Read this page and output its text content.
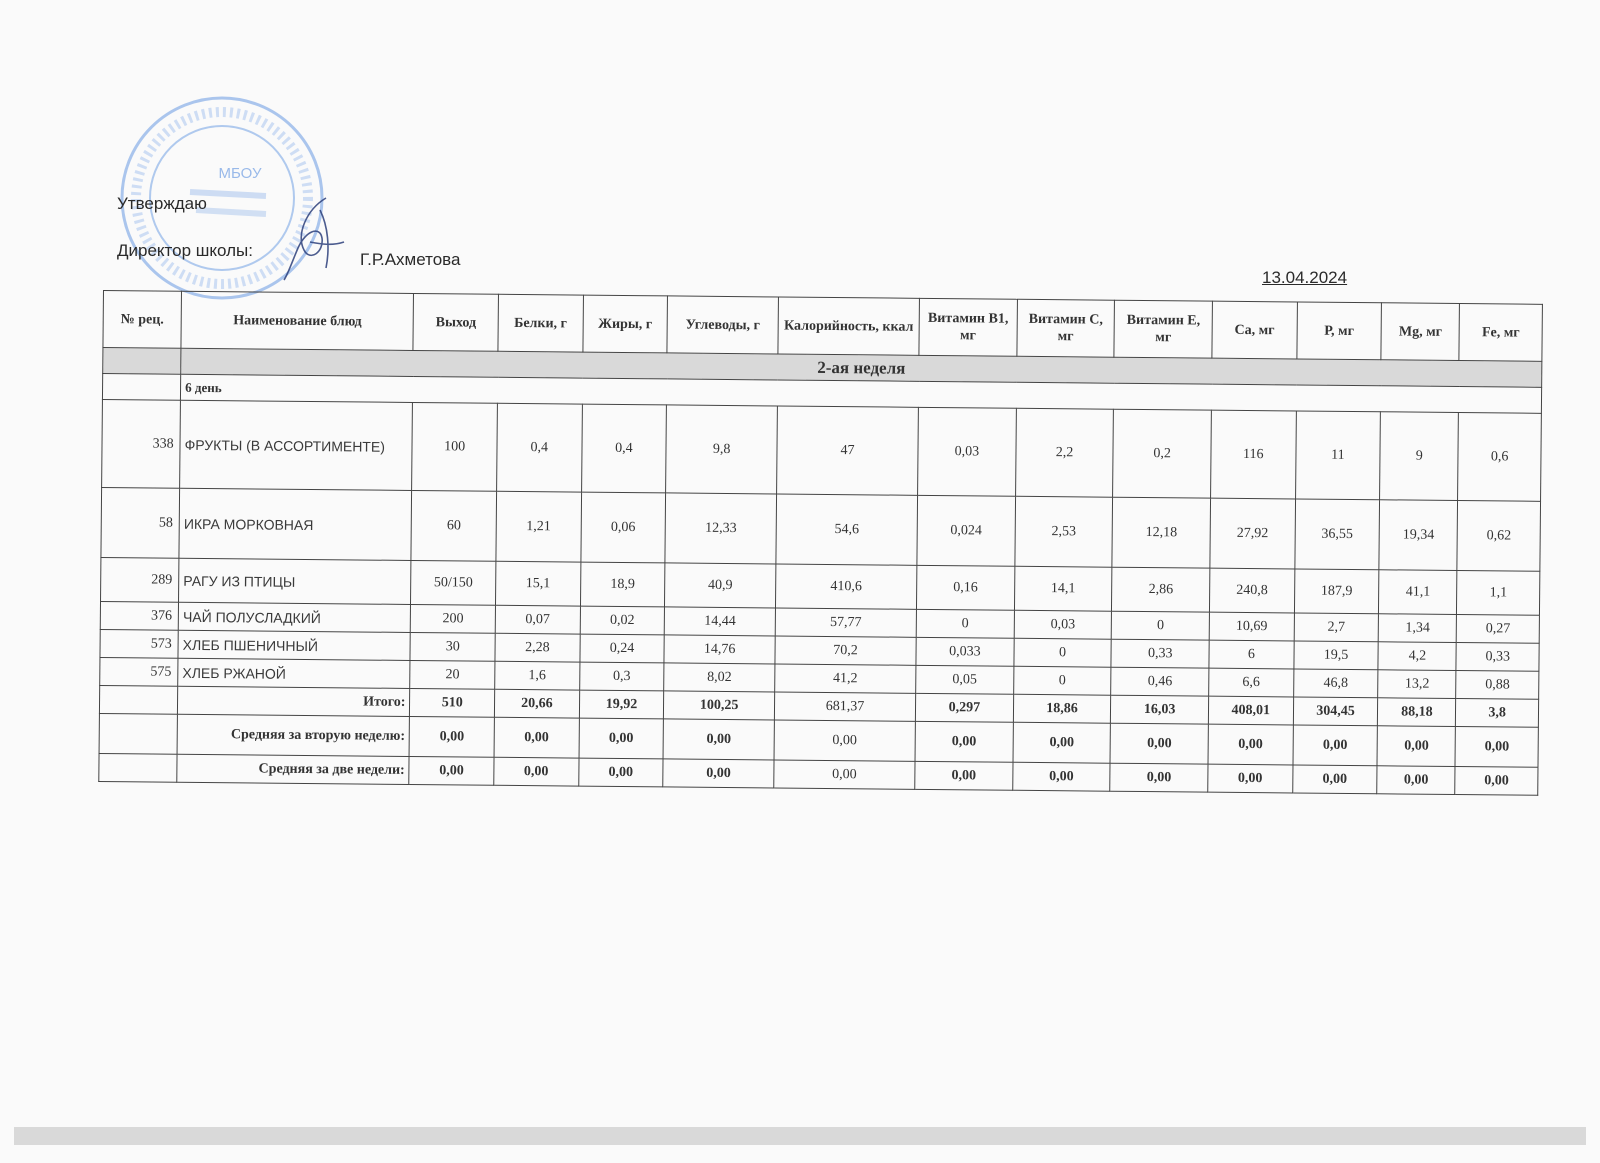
МБОУ
Утверждаю
Директор школы:	Г.Р.Ахметова
13.04.2024
№ рец.	Наименование блюд	Выход	Белки, г	Жиры, г	Углеводы, г	Калорийность, ккал	Витамин В1, мг	Витамин С, мг	Витамин Е, мг	Са, мг	Р, мг	Mg, мг	Fe, мг
	2-ая неделя												
	6 день												
338	ФРУКТЫ (В АССОРТИМЕНТЕ)	100	0,4	0,4	9,8	47	0,03	2,2	0,2	116	11	9	0,6
58	ИКРА МОРКОВНАЯ	60	1,21	0,06	12,33	54,6	0,024	2,53	12,18	27,92	36,55	19,34	0,62
289	РАГУ ИЗ ПТИЦЫ	50/150	15,1	18,9	40,9	410,6	0,16	14,1	2,86	240,8	187,9	41,1	1,1
376	ЧАЙ ПОЛУСЛАДКИЙ	200	0,07	0,02	14,44	57,77	0	0,03	0	10,69	2,7	1,34	0,27
573	ХЛЕБ ПШЕНИЧНЫЙ	30	2,28	0,24	14,76	70,2	0,033	0	0,33	6	19,5	4,2	0,33
575	ХЛЕБ РЖАНОЙ	20	1,6	0,3	8,02	41,2	0,05	0	0,46	6,6	46,8	13,2	0,88
	Итого:	510	20,66	19,92	100,25	681,37	0,297	18,86	16,03	408,01	304,45	88,18	3,8
	Средняя за вторую неделю:	0,00	0,00	0,00	0,00	0,00	0,00	0,00	0,00	0,00	0,00	0,00	0,00
	Средняя за две недели:	0,00	0,00	0,00	0,00	0,00	0,00	0,00	0,00	0,00	0,00	0,00	0,00
